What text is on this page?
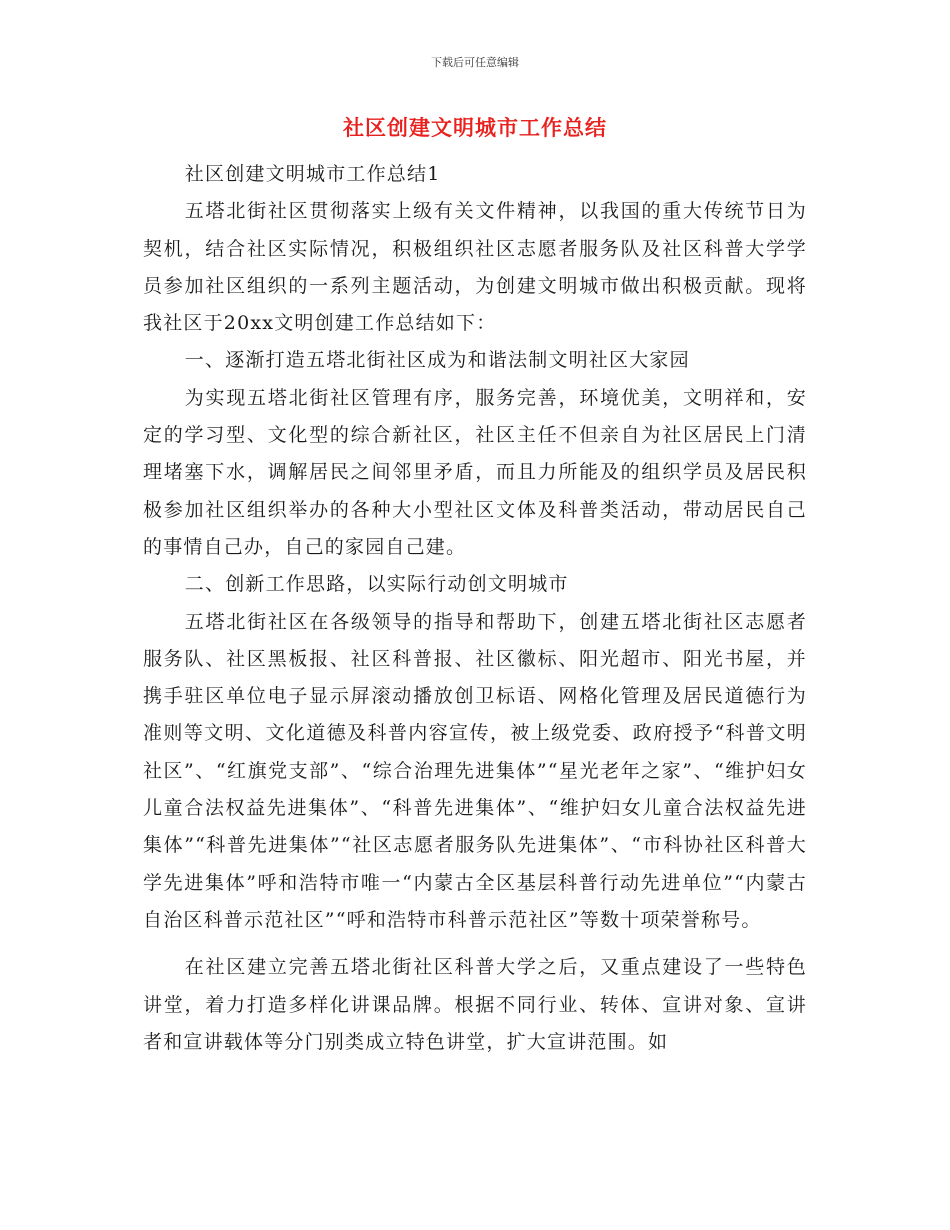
下载后可任意编辑
社区创建文明城市工作总结

社区创建文明城市工作总结1

五塔北街社区贯彻落实上级有关文件精神，以我国的重大传统节日为契机，结合社区实际情况，积极组织社区志愿者服务队及社区科普大学学员参加社区组织的一系列主题活动，为创建文明城市做出积极贡献。现将我社区于20xx文明创建工作总结如下：

一、逐渐打造五塔北街社区成为和谐法制文明社区大家园

为实现五塔北街社区管理有序，服务完善，环境优美，文明祥和，安定的学习型、文化型的综合新社区，社区主任不但亲自为社区居民上门清理堵塞下水，调解居民之间邻里矛盾，而且力所能及的组织学员及居民积极参加社区组织举办的各种大小型社区文体及科普类活动，带动居民自己的事情自己办，自己的家园自己建。

二、创新工作思路，以实际行动创文明城市

五塔北街社区在各级领导的指导和帮助下，创建五塔北街社区志愿者服务队、社区黑板报、社区科普报、社区徽标、阳光超市、阳光书屋，并携手驻区单位电子显示屏滚动播放创卫标语、网格化管理及居民道德行为准则等文明、文化道德及科普内容宣传，被上级党委、政府授予“科普文明社区”、“红旗党支部”、“综合治理先进集体”“星光老年之家”、“维护妇女儿童合法权益先进集体”、“科普先进集体”、“维护妇女儿童合法权益先进集体”“科普先进集体”“社区志愿者服务队先进集体”、“市科协社区科普大学先进集体”呼和浩特市唯一“内蒙古全区基层科普行动先进单位”“内蒙古自治区科普示范社区”“呼和浩特市科普示范社区”等数十项荣誉称号。

在社区建立完善五塔北街社区科普大学之后，又重点建设了一些特色讲堂，着力打造多样化讲课品牌。根据不同行业、转体、宣讲对象、宣讲者和宣讲载体等分门别类成立特色讲堂，扩大宣讲范围。如
